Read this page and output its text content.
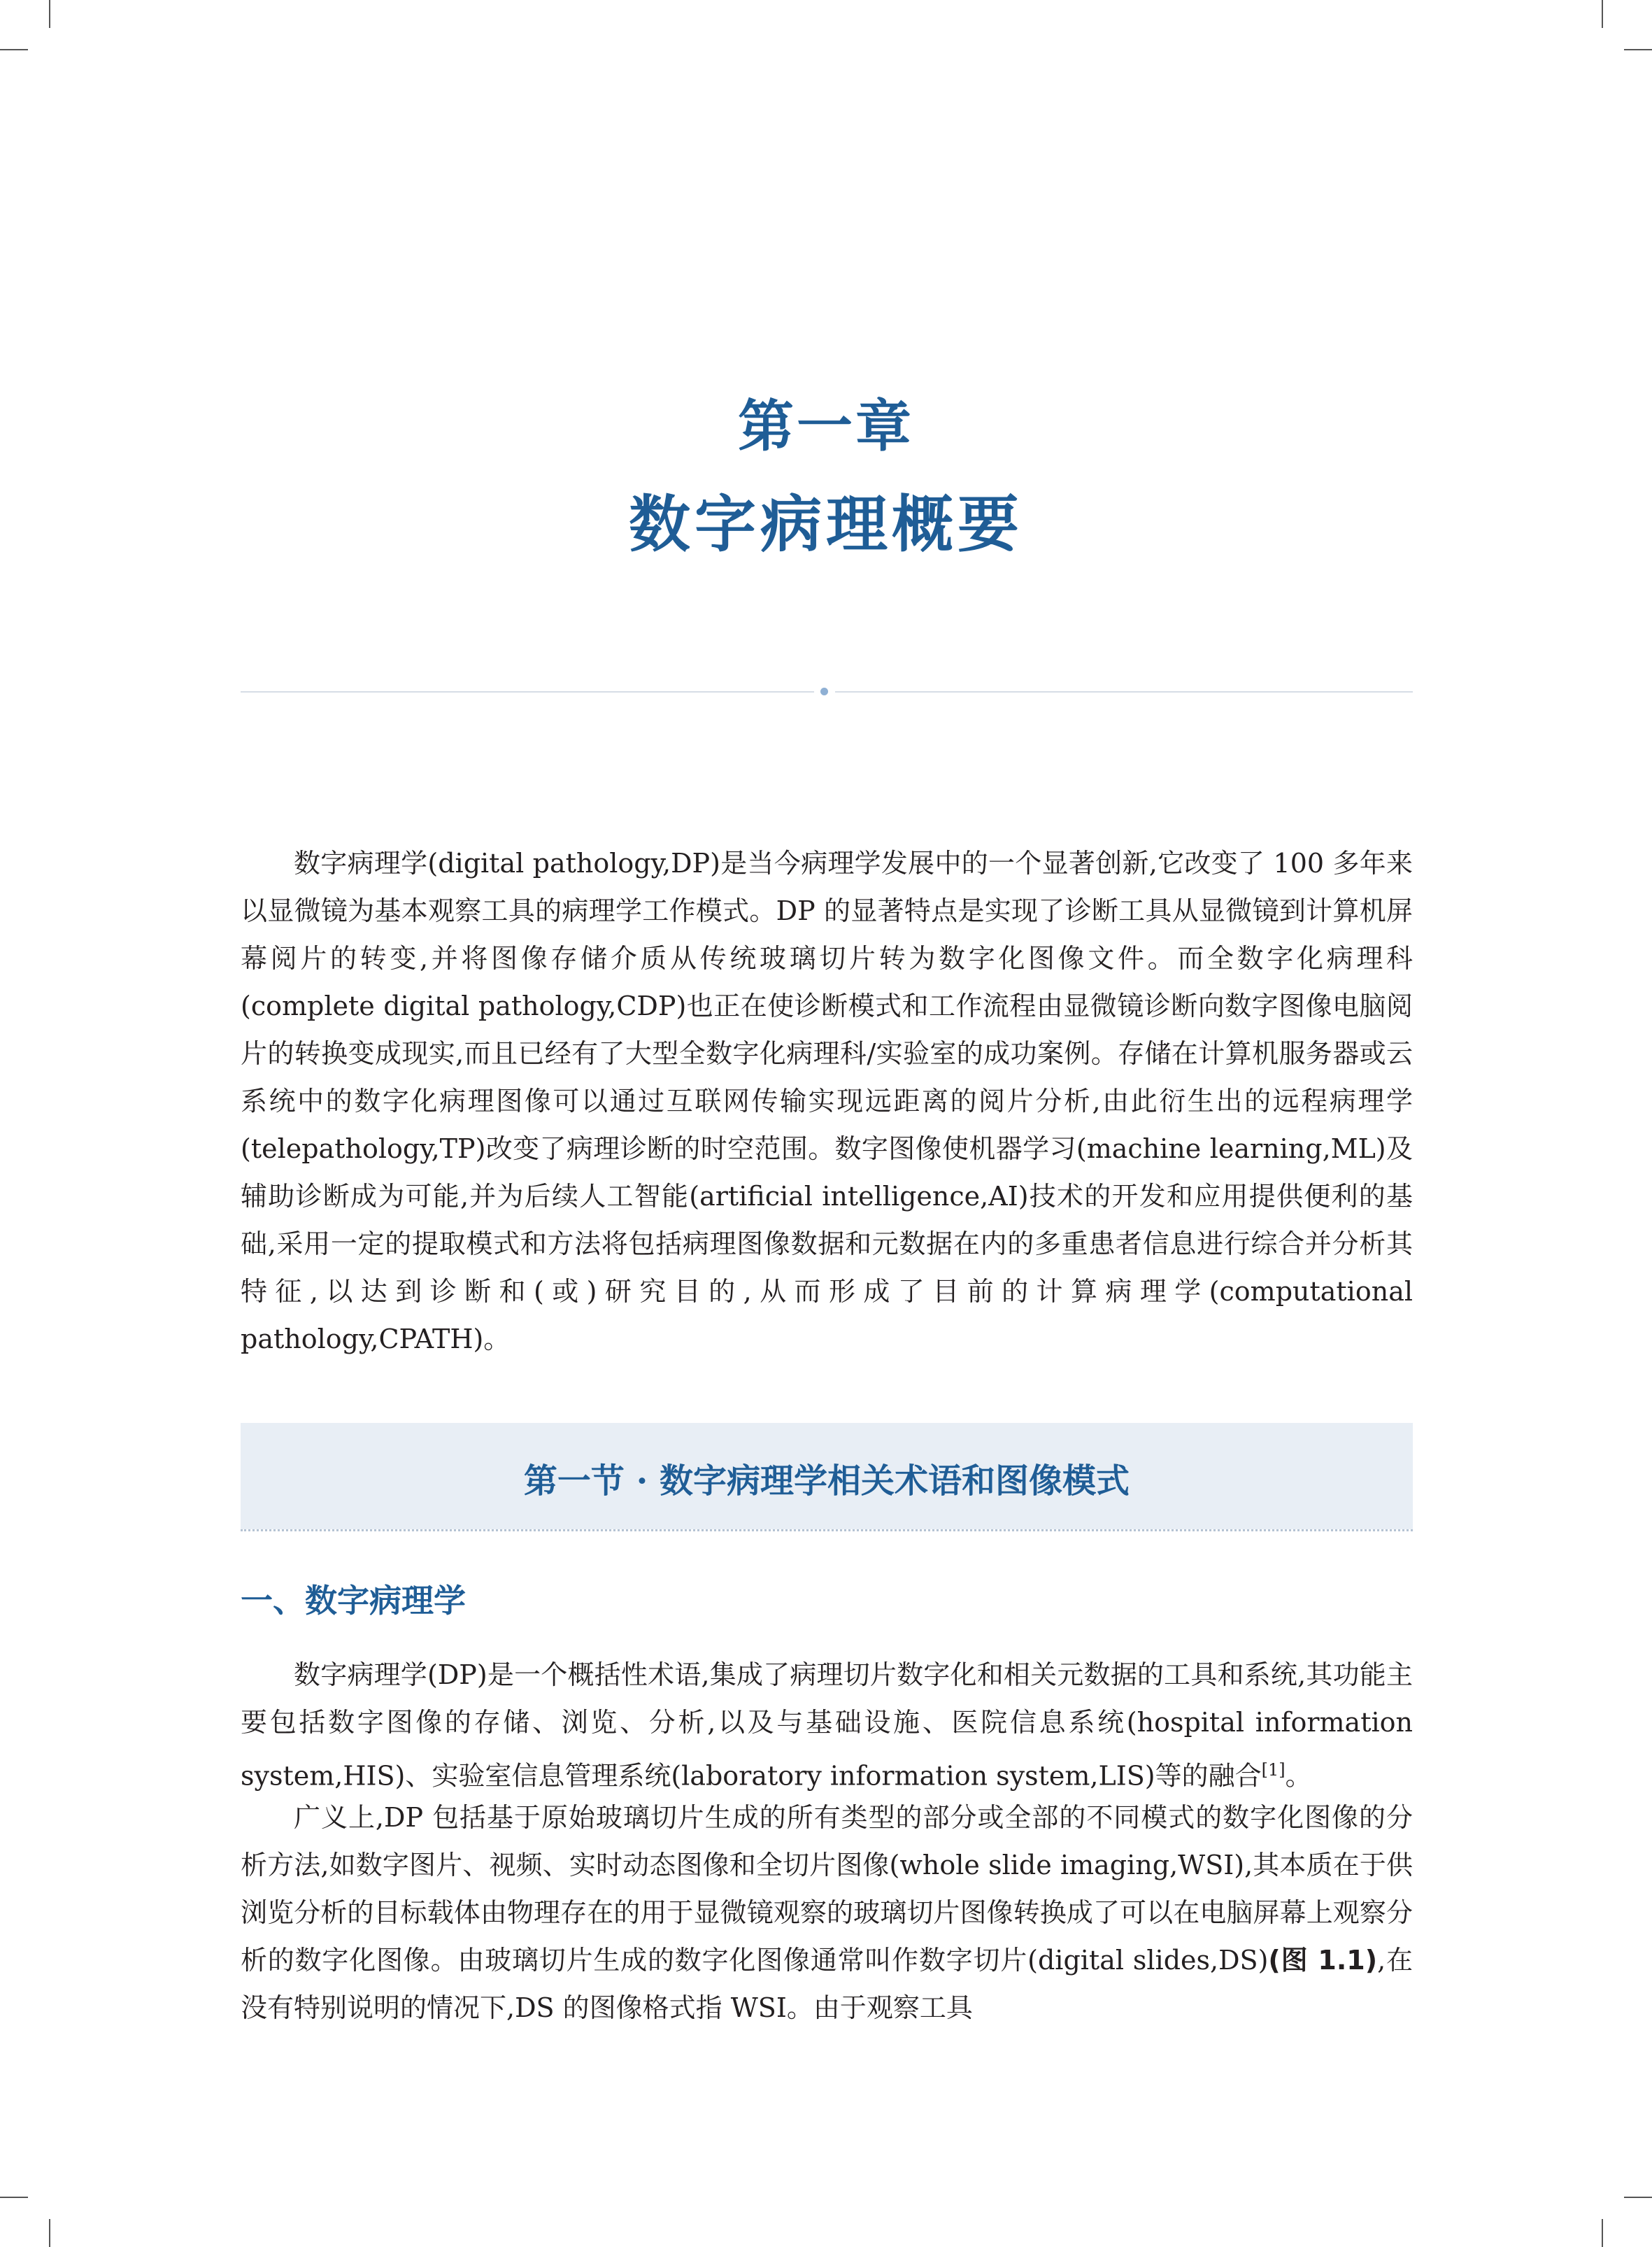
第一章
数字病理概要

数字病理学(digital pathology,DP)是当今病理学发展中的一个显著创新,它改变了 100 多年来以显微镜为基本观察工具的病理学工作模式。DP 的显著特点是实现了诊断工具从显微镜到计算机屏幕阅片的转变,并将图像存储介质从传统玻璃切片转为数字化图像文件。而全数字化病理科(complete digital pathology,CDP)也正在使诊断模式和工作流程由显微镜诊断向数字图像电脑阅片的转换变成现实,而且已经有了大型全数字化病理科/实验室的成功案例。存储在计算机服务器或云系统中的数字化病理图像可以通过互联网传输实现远距离的阅片分析,由此衍生出的远程病理学(telepathology,TP)改变了病理诊断的时空范围。数字图像使机器学习(machine learning,ML)及辅助诊断成为可能,并为后续人工智能(artificial intelligence,AI)技术的开发和应用提供便利的基础,采用一定的提取模式和方法将包括病理图像数据和元数据在内的多重患者信息进行综合并分析其特征,以达到诊断和(或)研究目的,从而形成了目前的计算病理学(computational pathology,CPATH)。

第一节 · 数字病理学相关术语和图像模式
一、数字病理学

数字病理学(DP)是一个概括性术语,集成了病理切片数字化和相关元数据的工具和系统,其功能主要包括数字图像的存储、浏览、分析,以及与基础设施、医院信息系统(hospital information system,HIS)、实验室信息管理系统(laboratory information system,LIS)等的融合[1]。

广义上,DP 包括基于原始玻璃切片生成的所有类型的部分或全部的不同模式的数字化图像的分析方法,如数字图片、视频、实时动态图像和全切片图像(whole slide imaging,WSI),其本质在于供浏览分析的目标载体由物理存在的用于显微镜观察的玻璃切片图像转换成了可以在电脑屏幕上观察分析的数字化图像。由玻璃切片生成的数字化图像通常叫作数字切片(digital slides,DS)(图 1.1),在没有特别说明的情况下,DS 的图像格式指 WSI。由于观察工具
